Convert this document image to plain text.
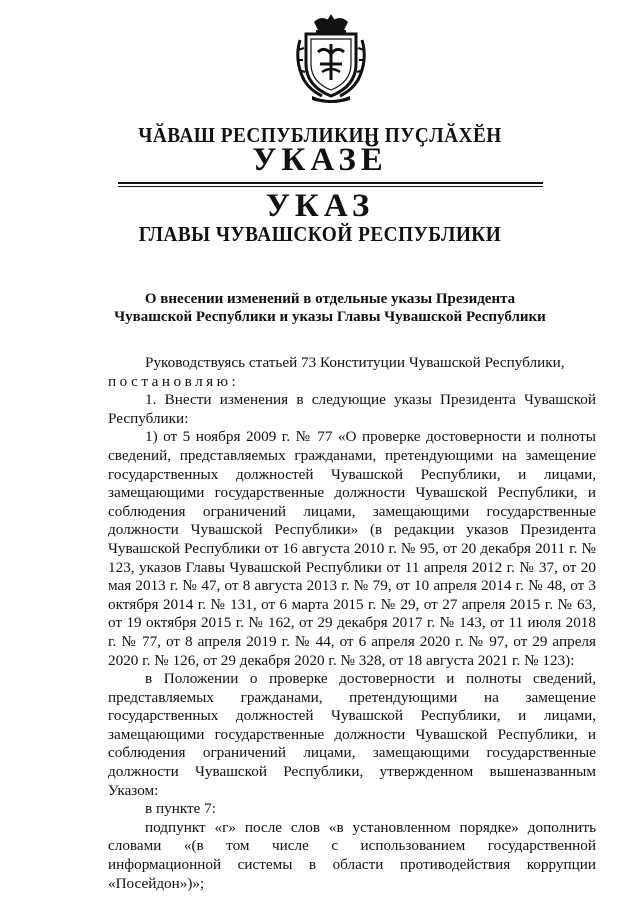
ЧӐВАШ РЕСПУБЛИКИН ПУҪЛӐХӖН
УКАЗӖ
УКАЗ
ГЛАВЫ ЧУВАШСКОЙ РЕСПУБЛИКИ
О внесении изменений в отдельные указы Президента
Чувашской Республики и указы Главы Чувашской Республики

Руководствуясь статьей 73 Конституции Чувашской Республики,

постановляю:

1. Внести изменения в следующие указы Президента Чувашской Республики:

1) от 5 ноября 2009 г. № 77 «О проверке достоверности и полноты сведений, представляемых гражданами, претендующими на замещение государственных должностей Чувашской Республики, и лицами, замещающими государственные должности Чувашской Республики, и соблюдения ограничений лицами, замещающими государственные должности Чувашской Республики» (в редакции указов Президента Чувашской Республики от 16 августа 2010 г. № 95, от 20 декабря 2011 г. № 123, указов Главы Чувашской Республики от 11 апреля 2012 г. № 37, от 20 мая 2013 г. № 47, от 8 августа 2013 г. № 79, от 10 апреля 2014 г. № 48, от 3 октября 2014 г. № 131, от 6 марта 2015 г. № 29, от 27 апреля 2015 г. № 63, от 19 октября 2015 г. № 162, от 29 декабря 2017 г. № 143, от 11 июля 2018 г. № 77, от 8 апреля 2019 г. № 44, от 6 апреля 2020 г. № 97, от 29 апреля 2020 г. № 126, от 29 декабря 2020 г. № 328, от 18 августа 2021 г. № 123):

в Положении о проверке достоверности и полноты сведений, представляемых гражданами, претендующими на замещение государственных должностей Чувашской Республики, и лицами, замещающими государственные должности Чувашской Республики, и соблюдения ограничений лицами, замещающими государственные должности Чувашской Республики, утвержденном вышеназванным Указом:

в пункте 7:

подпункт «г» после слов «в установленном порядке» дополнить словами «(в том числе с использованием государственной информационной системы в области противодействия коррупции «Посейдон»)»;
